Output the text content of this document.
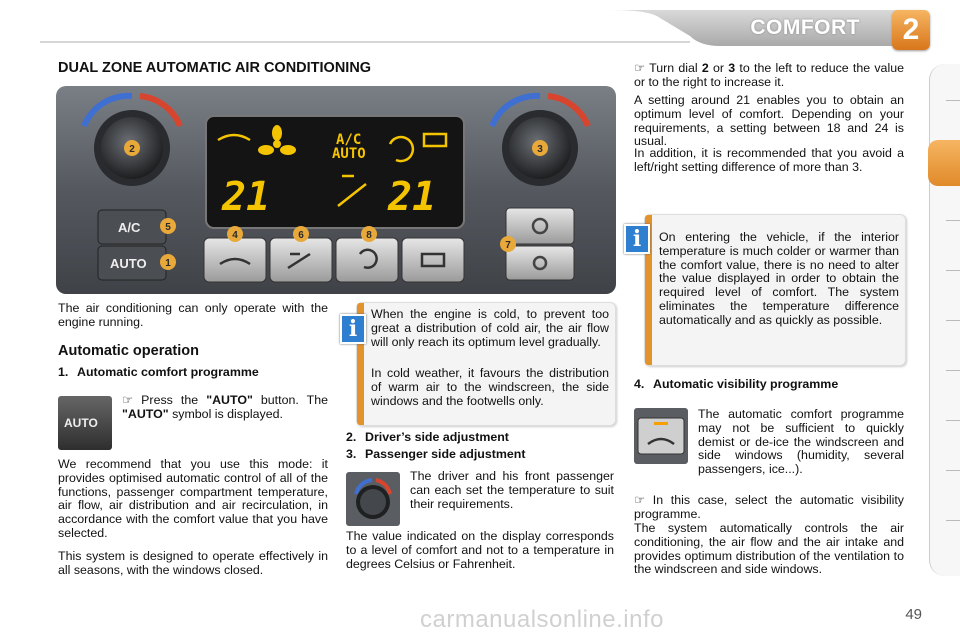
COMFORT	2
DUAL ZONE AUTOMATIC AIR CONDITIONING
A/C
AUTO
21	21
A/C
AUTO
2	3
5
1
4	6	8
7

The air conditioning can only operate with the engine running.

Automatic operation
1. Automatic comfort programme
AUTO
☞ Press the "AUTO" button. The "AUTO" symbol is displayed.

We recommend that you use this mode: it provides optimised automatic control of all of the functions, passenger compartment temperature, air flow, air distribution and air recirculation, in accordance with the comfort value that you have selected.

This system is designed to operate effectively in all seasons, with the windows closed.

When the engine is cold, to prevent too great a distribution of cold air, the air flow will only reach its optimum level gradually.

In cold weather, it favours the distribution of warm air to the windscreen, the side windows and the footwells only.

i
2. Driver’s side adjustment
3. Passenger side adjustment

The driver and his front passenger can each set the temperature to suit their requirements.

The value indicated on the display corresponds to a level of comfort and not to a temperature in degrees Celsius or Fahrenheit.

☞ Turn dial 2 or 3 to the left to reduce the value or to the right to increase it.

A setting around 21 enables you to obtain an optimum level of comfort. Depending on your requirements, a setting between 18 and 24 is usual.

In addition, it is recommended that you avoid a left/right setting difference of more than 3.

On entering the vehicle, if the interior temperature is much colder or warmer than the comfort value, there is no need to alter the value displayed in order to obtain the required level of comfort. The system eliminates the temperature difference automatically and as quickly as possible.

i
4. Automatic visibility programme

The automatic comfort programme may not be sufficient to quickly demist or de-ice the windscreen and side windows (humidity, several passengers, ice...).

☞ In this case, select the automatic visibility programme.

The system automatically controls the air conditioning, the air flow and the air intake and provides optimum distribution of the ventilation to the windscreen and side windows.

carmanualsonline.info	49
